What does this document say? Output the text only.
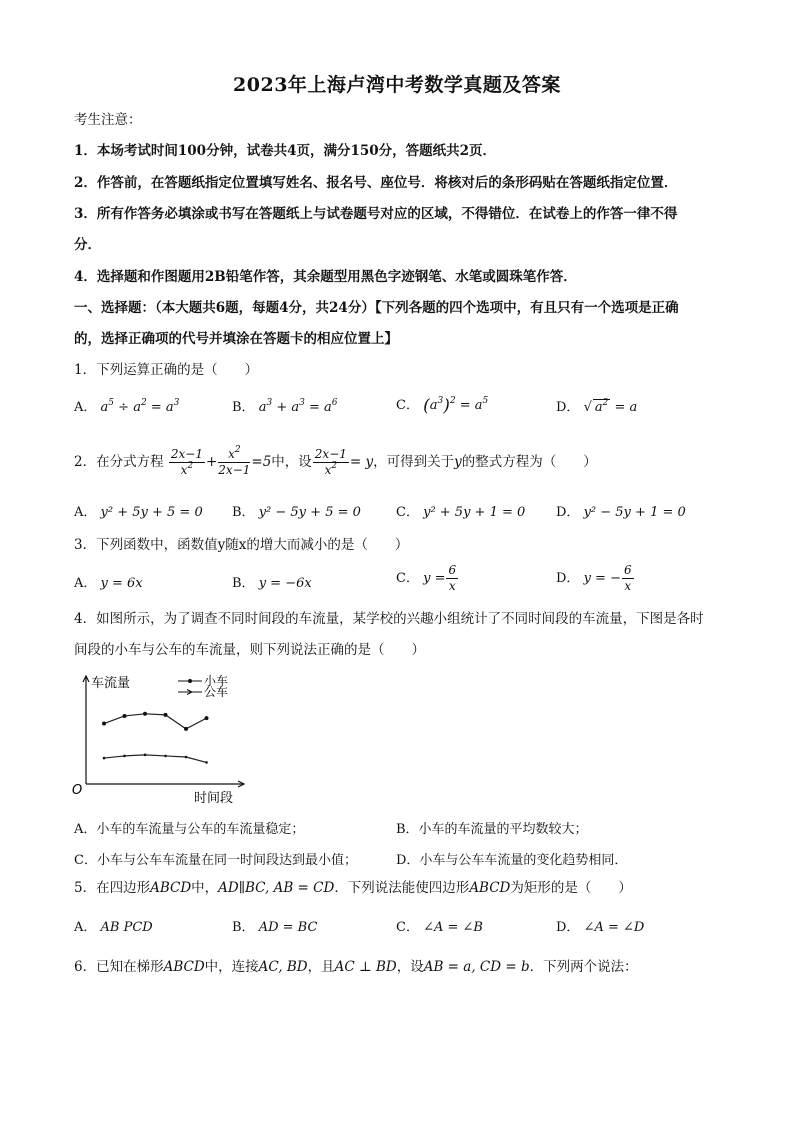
2023年上海卢湾中考数学真题及答案
考生注意：
1．本场考试时间100分钟，试卷共4页，满分150分，答题纸共2页．
2．作答前，在答题纸指定位置填写姓名、报名号、座位号．将核对后的条形码贴在答题纸指定位置．
3．所有作答务必填涂或书写在答题纸上与试卷题号对应的区域，不得错位．在试卷上的作答一律不得
分．
4．选择题和作图题用2B铅笔作答，其余题型用黑色字迹钢笔、水笔或圆珠笔作答．
一、选择题：（本大题共6题，每题4分，共24分）【下列各题的四个选项中，有且只有一个选项是正确
的，选择正确项的代号并填涂在答题卡的相应位置上】
1．下列运算正确的是（　　）
A． $a^5 \div a^2 = a^3$	B． $a^3 + a^3 = a^6$	C． $(a^3)^2 = a^5$	D． √ $a^2 = a$
2．在分式方程 $\frac{2x-1}{x^2} + \frac{x^2}{2x-1} =5$中，设 $\frac{2x-1}{x^2} = y$，可得到关于y的整式方程为（　　）
A． y² + 5y + 5 = 0 B． y² − 5y + 5 = 0	C． y² + 5y + 1 = 0 D． y² − 5y + 1 = 0
3．下列函数中，函数值y随x的增大而减小的是（　　）
A． y = 6x	B． y = −6x	C． $y = \frac{6}{x}$	D． y = − $\frac{6}{x}$
4．如图所示，为了调查不同时间段的车流量，某学校的兴趣小组统计了不同时间段的车流量，下图是各时
间段的小车与公车的车流量，则下列说法正确的是（　　）
小车
公车
车流量
时间段
O
A．小车的车流量与公车的车流量稳定；	B．小车的车流量的平均数较大；
C．小车与公车车流量在同一时间段达到最小值；	D．小车与公车车流量的变化趋势相同．
5．在四边形ABCD中，AD∥BC, AB = CD．下列说法能使四边形ABCD为矩形的是（　　）
A． AB PCD	B． AD = BC	C． ∠A = ∠B	D． ∠A = ∠D
6．已知在梯形ABCD中，连接AC, BD，且AC ⊥ BD，设AB = a, CD = b．下列两个说法：
